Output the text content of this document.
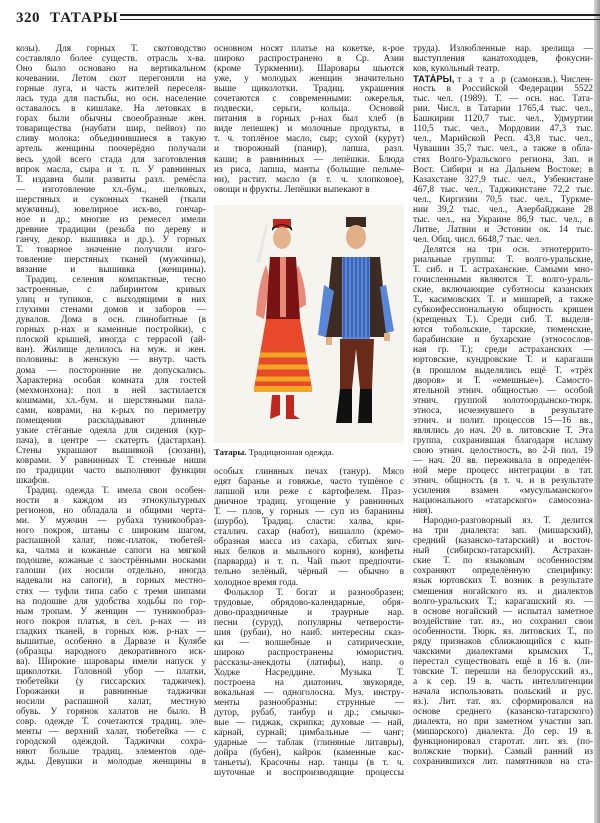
320 ТАТАРЫ
козы). Для горных Т. скотоводство
составляло более существ. отрасль х-ва.
Оно было основано на вертикальном
кочевании. Летом скот перегоняли на
горные луга, и часть жителей переселя-
лась туда для пастьбы, но осн. население
оставалось в кишлаке. На летовках в
горах были обычны своеобразные жен.
товарищества (наубати шир, пейвоз) по
сливу молока: объединившиеся в такую
артель женщины поочерёдно получали
весь удой всего стада для заготовления
впрок масла, сыра и т. п. У равнинных
Т. издавна были развиты разл. ремёсла
— изготовление хл.-бум., шелковых,
шерстяных и суконных тканей (ткали
мужчины), ювелирное иск-во, гончар-
ное и др.; многие из ремесел имели
древние традиции (резьба по дереву и
ганчу, декор. вышивка и др.). У горных
Т. товарное значение получили изго-
товление шерстяных тканей (мужчины),
вязание и вышивка (женщины).
Традиц. селения компактные, тесно
застроенные, с лабиринтом кривых
улиц и тупиков, с выходящими в них
глухими стенами домов и заборов —
дувалов. Дома в осн. глинобитные (в
горных р-нах и каменные постройки), с
плоской крышей, иногда с террасой (ай-
ван). Жилище делилось на муж. и жен.
половины: в женскую — внутр. часть
дома — посторонние не допускались.
Характерна особая комната для гостей
(мехмонхона): пол в ней застилается
кошмами, хл.-бум. и шерстяными пала-
сами, коврами, на к-рых по периметру
помещения раскладывают длинные
узкие стёганые одеяла для сидения (кур-
пача), в центре — скатерть (дастархан).
Стены украшают вышивкой (сюзани),
коврами. У равнинных Т. стенные ниши
по традиции часто выполняют функции
шкафов.
Традиц. одежда Т. имела свои особен-
ности в каждом из этнокультурных
регионов, но обладала и общими черта-
ми. У мужчин — рубаха туникообраз-
ного покроя, штаны с широким шагом,
распашной халат, пояс-платок, тюбетей-
ка, чалма и кожаные сапоги на мягкой
подошве, кожаные с заострёнными носками
галоши (их носили отдельно, иногда
надевали на сапоги), в горных местно-
стях — туфли типа сабо с тремя шипами
на подошве для удобства ходьбы по гор-
ным тропам. У женщин — туникообраз-
ного покроя платья, в сел. р-нах — из
гладких тканей, в горных юж. р-нах —
вышитые, особенно в Дарвазе и Кулябе
(образцы народного декоративного иск-
ва). Широкие шаровары имели напуск у
щиколотки. Головной убор — платки,
тюбетейки (у гиссарских таджичек).
Горожанки и равнинные таджички
носили распашной халат, местную
обувь. У горянок халатов не было. В
совр. одежде Т. сочетаются традиц. эле-
менты — верхний халат, тюбетейка — с
городской одеждой. Таджички сохра-
няют больше традиц. элементов оде-
жды. Девушки и молодые женщины в
основном носят платье на кокетке, к-рое
широко распространено в Ср. Азии
(кроме Туркмении). Шаровары шьются
уже, у молодых женщин значительно
выше щиколотки. Традиц. украшения
сочетаются с современными: ожерелья,
подвески, серьги, кольца. Основой
питания в горных р-нах был хлеб (в
виде лепешек) и молочные продукты, в
т. ч. топлёное масло, сыр; сухой (курут)
и творожный (панир), лапша, разл.
каши; в равнинных — лепёшки. Блюда
из риса, лапша, манты (большие пельме-
ни), растит. масло (в т. ч. хлопковое),
овощи и фрукты. Лепёшки выпекают в
Татары. Традиционная одежда.
особых глиняных печах (танур). Мясо
едят баранье и говяжье, часто тушёное с
лапшой или реже с картофелем. Праз-
дничное традиц. угощение у равнинных
Т. — плов, у горных — суп из баранины
(шурбо). Традиц. сласти: халва, кри-
сталлич. сахар (набот), нишалло (кремо-
образная масса из сахара, сбитых яич-
ных белков и мыльного корня), конфеты
(парварда) и т. п. Чай пьют предпочти-
тельно зелёный, чёрный — обычно в
холодное время года.
Фольклор Т. богат и разнообразен;
трудовые, обрядово-календарные, обря-
дово-праздничные и траурные нар.
песни (суруд), популярны четверости-
шия (рубаи), но наиб. интересны сказ-
ки — волшебные и сатирические,
широко распространены юмористич.
рассказы-анекдоты (латифы), напр. о
Ходже Насреддине. Музыка Т.
построена на диатонич. звукоряде,
вокальная — одноголосна. Муз. инстру-
менты разнообразны: струнные —
дутор, рубаб, танбур и др.; смычко-
вые — гиджак, скрипка; духовые — най,
карнай, сурнай; цимбальные — чанг;
ударные — таблак (глиняные литавры),
дойра (бубен), кайрок (каменные кас-
таньеты). Красочны нар. танцы (в т. ч.
шуточные и воспроизводящие процессы
труда). Излюбленные нар. зрелища —
выступления канатоходцев, фокусни-
ков, кукольный театр.
ТАТА́РЫ, т а т а р (самоназв.). Числен-
ность в Российской Федерации 5522
тыс. чел. (1989). Т. — осн. нас. Тата-
рии. Числ. в Татарии 1765,4 тыс. чел.,
Башкирии 1120,7 тыс. чел., Удмуртии
110,5 тыс. чел., Мордовии 47,3 тыс.
чел., Марийской Респ. 43,8 тыс. чел.,
Чувашии 35,7 тыс. чел., а также в обла-
стях Волго-Уральского региона, Зап. и
Вост. Сибири и на Дальнем Востоке; в
Казахстане 327,9 тыс. чел., Узбекистане
467,8 тыс. чел., Таджикистане 72,2 тыс.
чел., Киргизии 70,5 тыс. чел., Туркме-
нии 39,2 тыс. чел., Азербайджане 28
тыс. чел., на Украине 86,9 тыс. чел., в
Литве, Латвии и Эстонии ок. 14 тыс.
чел. Общ. числ. 6648,7 тыс. чел.
Делятся на три осн. этнотеррито-
риальные группы: Т. волго-уральские,
Т. сиб. и Т. астраханские. Самыми мно-
гочисленными являются Т. волго-ураль-
ские, включающие субэтносы казанских
Т., касимовских Т. и мишарей, а также
субконфессиональную общность кряшен
(крещеных Т.). Среди сиб. Т. выделя-
ются тобольские, тарские, тюменские,
барабинские и бухарские (этносослов-
ная гр. Т.); среди астраханских —
юртовские, кундровские Т. и карагаши
(в прошлом выделялись ещё Т. «трёх
дворов» и Т. «емешные»). Самосто-
ятельной этнич. общностью — особой
этнич. группой золотоордынско-тюрк.
этноса, исчезнувшего в результате
этнич. и полит. процессов 15—16 вв.,
являлись до нач. 20 в. литовские Т. Эта
группа, сохранившая благодаря исламу
свою этнич. целостность, во 2-й пол. 19
— нач. 20 вв. переживала в определён-
ной мере процесс интеграции в тат.
этнич. общность (в т. ч. и в результате
усиления взамен «мусульманского»
национального «татарского» самосозна-
ния).
Народно-разговорный яз. Т. делится
на три диалекта: зап. (мишарский),
средний (казанско-татарский) и восточ-
ный (сибирско-татарский). Астрахан-
ские Т. по языковым особенностям
сохраняют определённую специфику:
язык юртовских Т. возник в результате
смешения ногайского яз. и диалектов
волго-уральских Т.; карагашский яз. —
в основе ногайский — испытал заметное
воздействие тат. яз., но сохранил свои
особенности. Тюрк. яз. литовских Т., по
ряду признаков сближающийся с кып-
чакскими диалектами крымских Т.,
перестал существовать ещё в 16 в. (ли-
товские Т. перешли на белорусский яз.,
а к сер. 19 в. часть интеллигенции
начала использовать польский и рус.
яз.). Лит. тат. яз. сформировался на
основе среднего (казанско-татарского)
диалекта, но при заметном участии зап.
(мишарского) диалекта. До сер. 19 в.
функционировал старотат. лит. яз. (по-
волжские тюрки). Самый ранний из
сохранившихся лит. памятников на ста-
